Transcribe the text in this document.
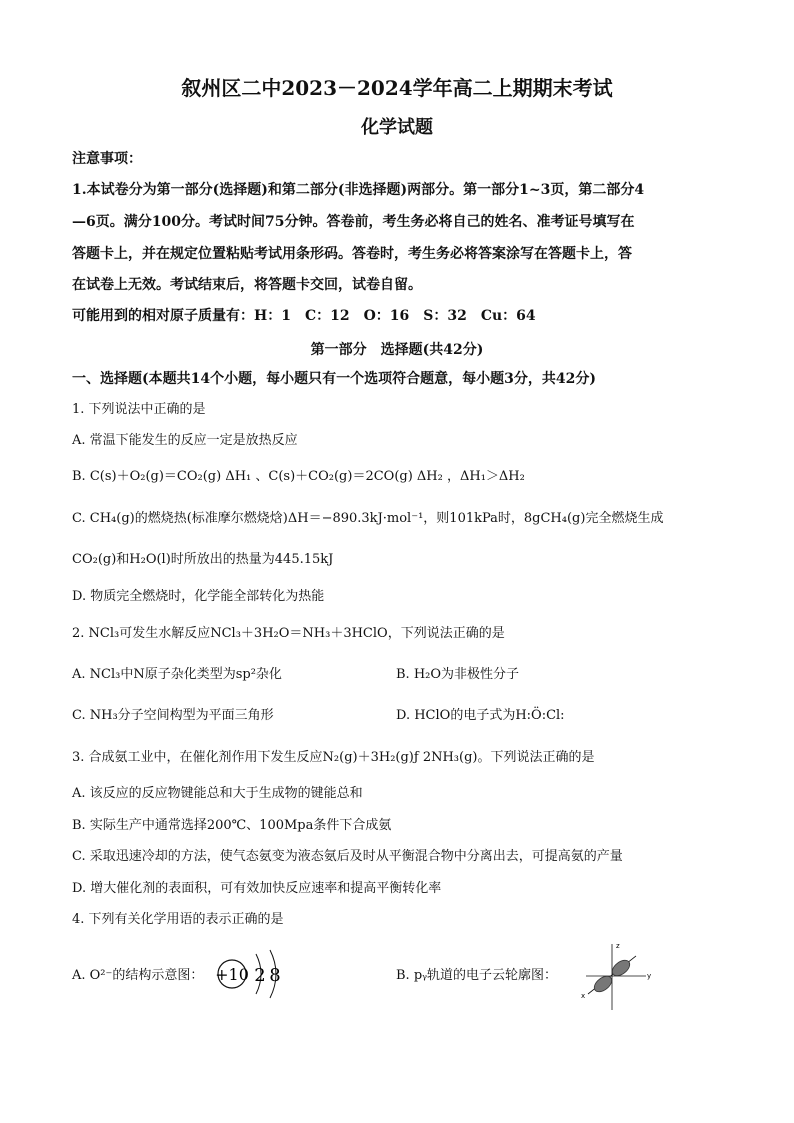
叙州区二中2023－2024学年高二上期期末考试
化学试题
注意事项：
1.本试卷分为第一部分(选择题)和第二部分(非选择题)两部分。第一部分1~3页，第二部分4
—6页。满分100分。考试时间75分钟。答卷前，考生务必将自己的姓名、准考证号填写在
答题卡上，并在规定位置粘贴考试用条形码。答卷时，考生务必将答案涂写在答题卡上，答
在试卷上无效。考试结束后，将答题卡交回，试卷自留。
可能用到的相对原子质量有：H：1　C：12　O：16　S：32　Cu：64
第一部分　选择题(共42分)
一、选择题(本题共14个小题，每小题只有一个选项符合题意，每小题3分，共42分)
1. 下列说法中正确的是
A. 常温下能发生的反应一定是放热反应
B. C(s)＋O₂(g)＝CO₂(g) ΔH₁ 、C(s)＋CO₂(g)＝2CO(g) ΔH₂ ，ΔH₁＞ΔH₂
C. CH₄(g)的燃烧热(标准摩尔燃烧焓)ΔH＝−890.3kJ·mol⁻¹，则101kPa时，8gCH₄(g)完全燃烧生成
CO₂(g)和H₂O(l)时所放出的热量为445.15kJ
D. 物质完全燃烧时，化学能全部转化为热能
2. NCl₃可发生水解反应NCl₃＋3H₂O＝NH₃＋3HClO，下列说法正确的是
A. NCl₃中N原子杂化类型为sp²杂化	B. H₂O为非极性分子
C. NH₃分子空间构型为平面三角形	D. HClO的电子式为H:Ö:Cl:
3. 合成氨工业中，在催化剂作用下发生反应N₂(g)＋3H₂(g)ƒ 2NH₃(g)。下列说法正确的是
A. 该反应的反应物键能总和大于生成物的键能总和
B. 实际生产中通常选择200℃、100Mpa条件下合成氨
C. 采取迅速冷却的方法，使气态氨变为液态氨后及时从平衡混合物中分离出去，可提高氨的产量
D. 增大催化剂的表面积，可有效加快反应速率和提高平衡转化率
4. 下列有关化学用语的表示正确的是
A. O²⁻的结构示意图： +10 2 8	B. pᵧ轨道的电子云轮廓图：
z
y
x
